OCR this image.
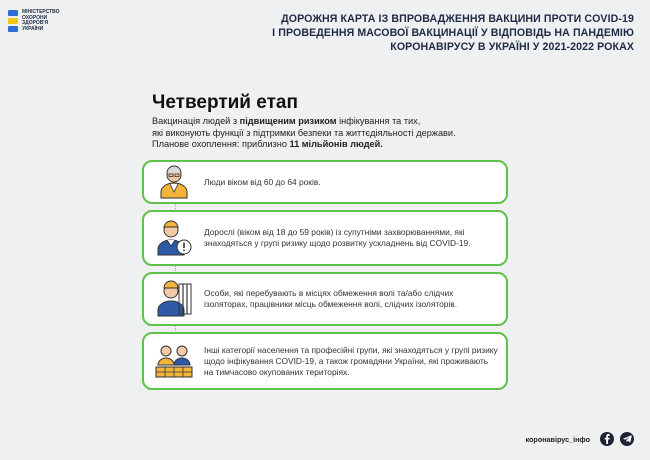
МІНІСТЕРСТВО
ОХОРОНИ
ЗДОРОВ'Я
УКРАЇНИ
ДОРОЖНЯ КАРТА ІЗ ВПРОВАДЖЕННЯ ВАКЦИНИ ПРОТИ COVID-19
І ПРОВЕДЕННЯ МАСОВОЇ ВАКЦИНАЦІЇ У ВІДПОВІДЬ НА ПАНДЕМІЮ
КОРОНАВІРУСУ В УКРАЇНІ У 2021-2022 РОКАХ
Четвертий етап
Вакцинація людей з підвищеним ризиком інфікування та тих,
які виконують функції з підтримки безпеки та життєдіяльності держави.
Планове охоплення: приблизно 11 мільйонів людей.
Люди віком від 60 до 64 років.
Дорослі (віком від 18 до 59 років) із супутніми захворюваннями, які знаходяться у групі ризику щодо розвитку ускладнень від COVID-19.
Особи, які перебувають в місцях обмеження волі та/або слідчих ізоляторах, працівники місць обмеження волі, слідчих ізоляторів.
Інші категорії населення та професійні групи, які знаходяться у групі ризику щодо інфікування COVID-19, а також громадяни України, які проживають на тимчасово окупованих територіях.
коронавірус_інфо
